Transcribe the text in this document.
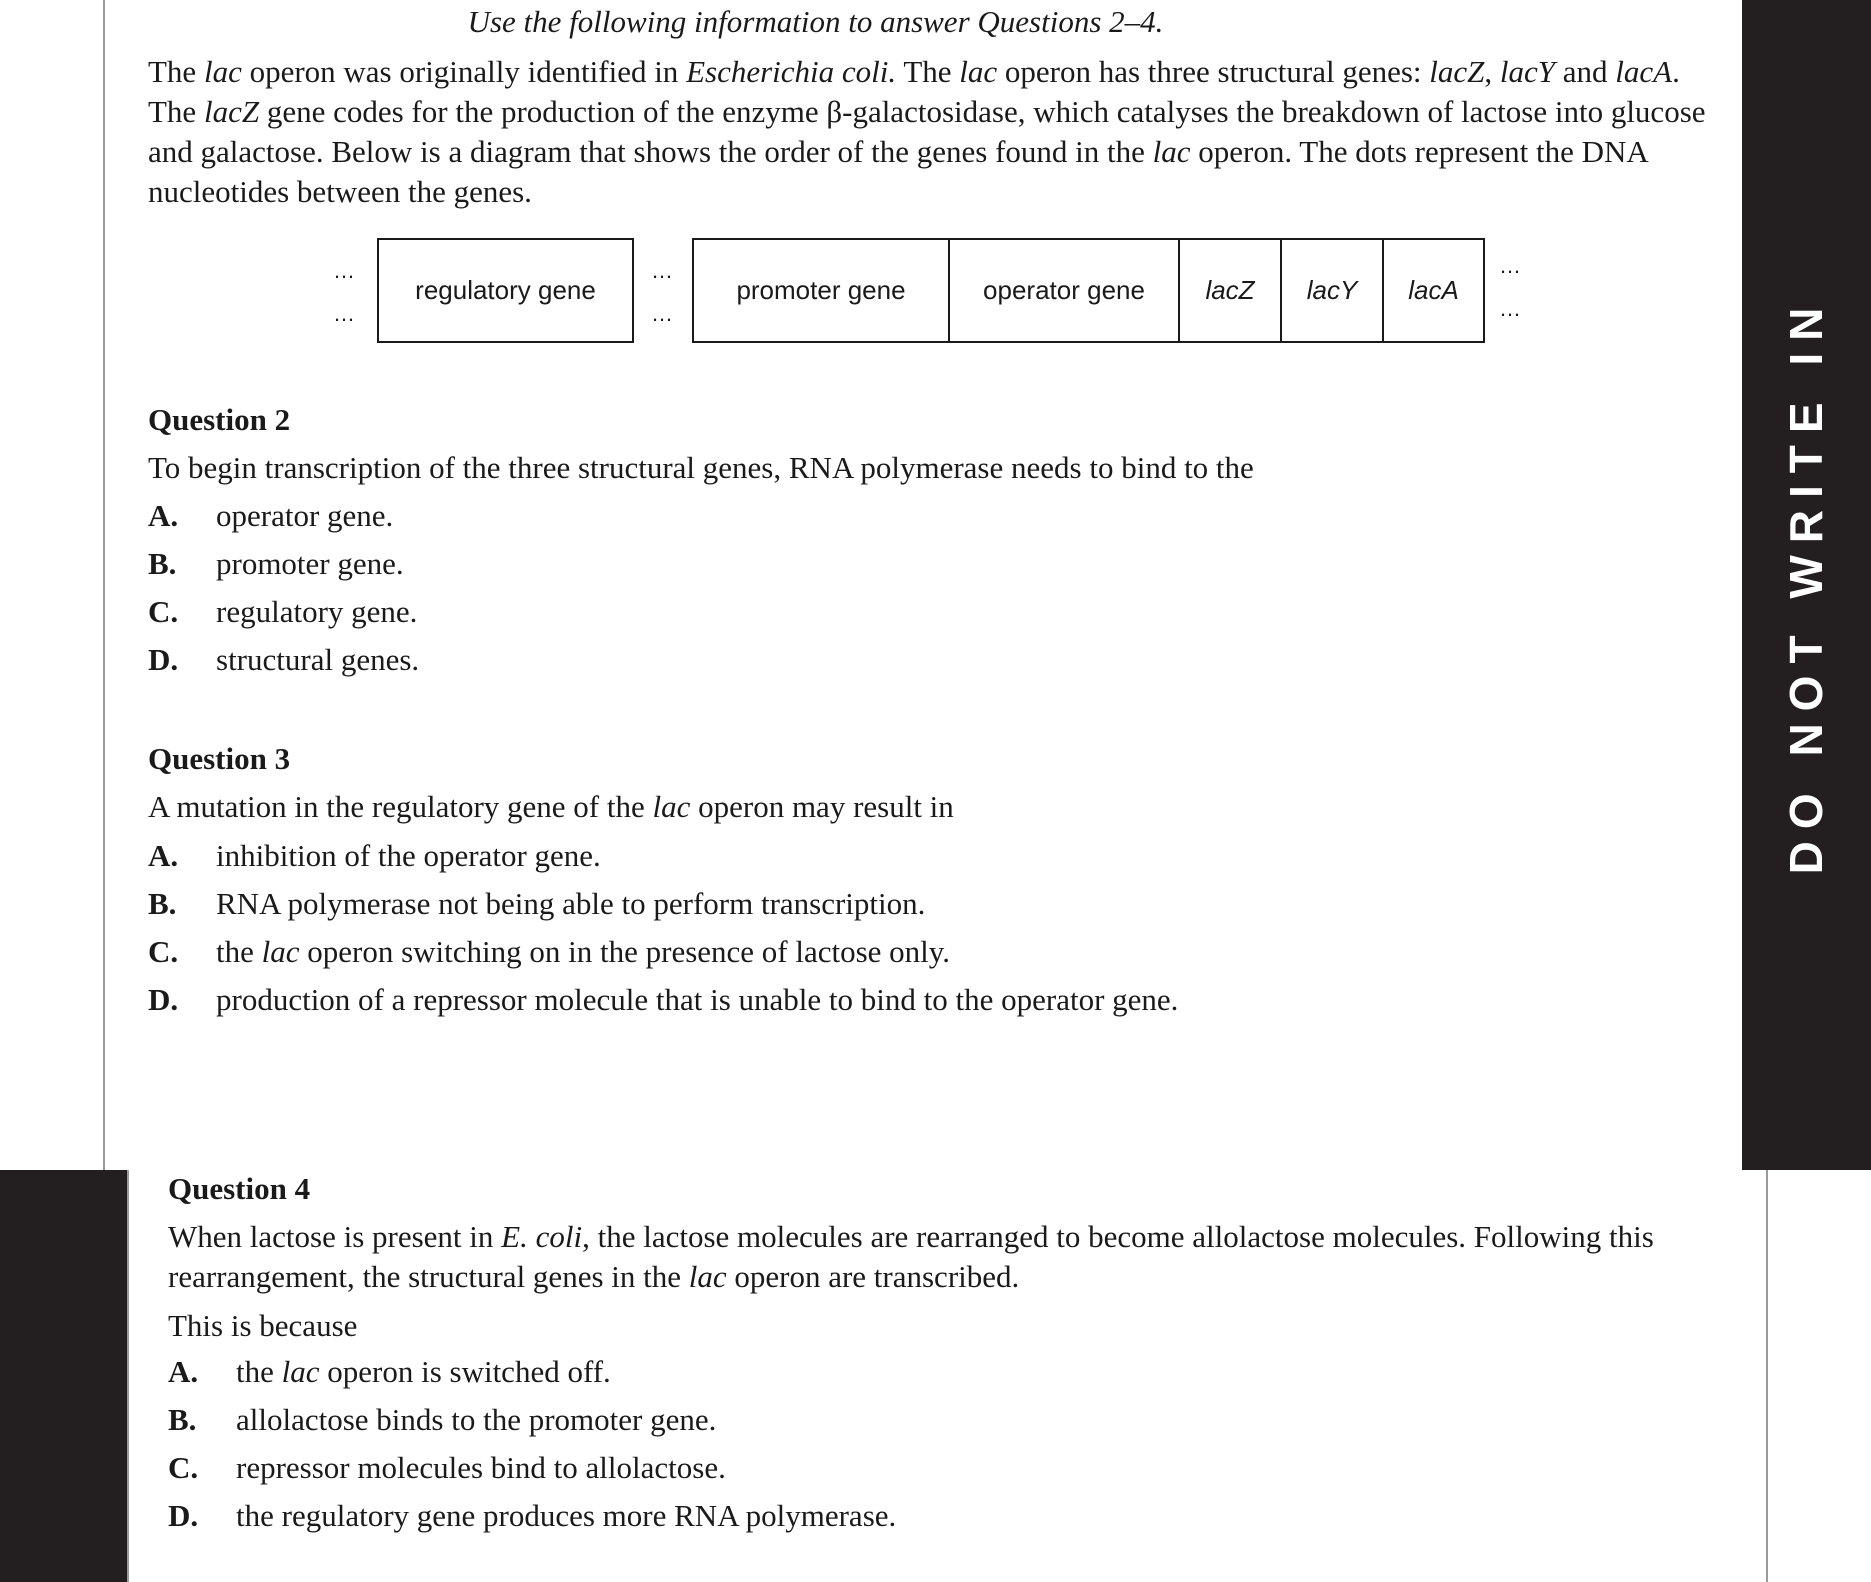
DO NOT WRITE IN
Use the following information to answer Questions 2–4.

The lac operon was originally identified in Escherichia coli. The lac operon has three structural genes: lacZ, lacY and lacA. The lacZ gene codes for the production of the enzyme β-galactosidase, which catalyses the breakdown of lactose into glucose and galactose. Below is a diagram that shows the order of the genes found in the lac operon. The dots represent the DNA nucleotides between the genes.

…
…
regulatory gene
…
…
promoter gene	operator gene	lacZ	lacY	lacA
…
…
Question 2

To begin transcription of the three structural genes, RNA polymerase needs to bind to the

A.	operator gene.
B.	promoter gene.
C.	regulatory gene.
D.	structural genes.
Question 3

A mutation in the regulatory gene of the lac operon may result in

A.	inhibition of the operator gene.
B.	RNA polymerase not being able to perform transcription.
C.	the lac operon switching on in the presence of lactose only.
D.	production of a repressor molecule that is unable to bind to the operator gene.
Question 4

When lactose is present in E. coli, the lactose molecules are rearranged to become allolactose molecules. Following this rearrangement, the structural genes in the lac operon are transcribed.

This is because

A.	the lac operon is switched off.
B.	allolactose binds to the promoter gene.
C.	repressor molecules bind to allolactose.
D.	the regulatory gene produces more RNA polymerase.
